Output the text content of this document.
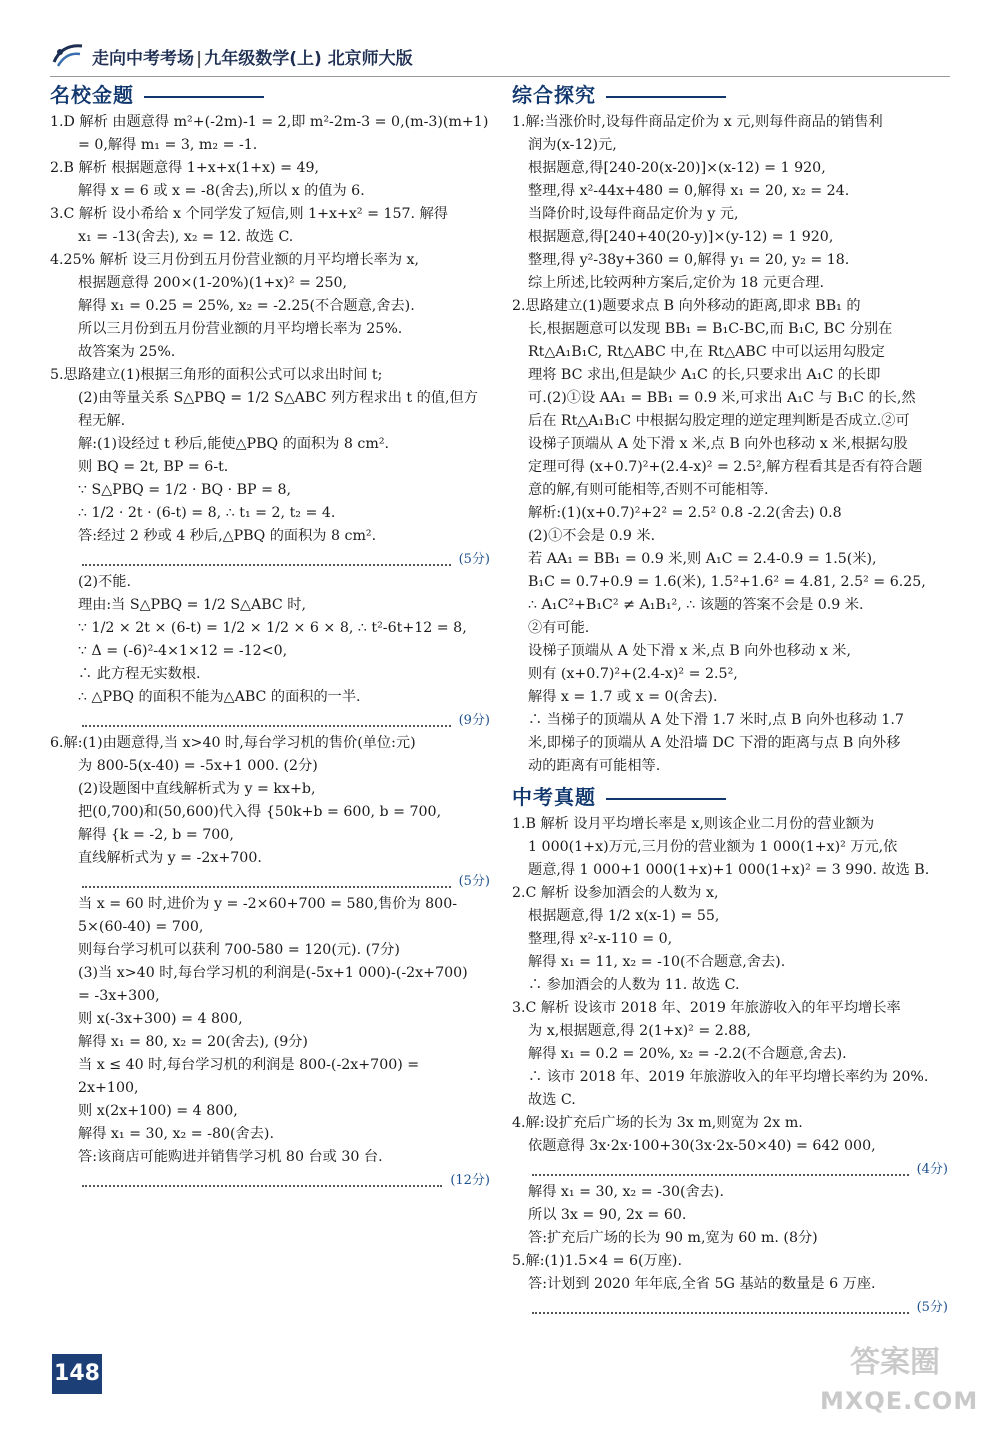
走向中考考场 | 九年级数学(上) 北京师大版
名校金题
1.D 解析 由题意得 m²+(-2m)-1 = 2,即 m²-2m-3 = 0,(m-3)(m+1)
= 0,解得 m₁ = 3, m₂ = -1.
2.B 解析 根据题意得 1+x+x(1+x) = 49,
解得 x = 6 或 x = -8(舍去),所以 x 的值为 6.
3.C 解析 设小希给 x 个同学发了短信,则 1+x+x² = 157. 解得
x₁ = -13(舍去), x₂ = 12. 故选 C.
4.25% 解析 设三月份到五月份营业额的月平均增长率为 x,
根据题意得 200×(1-20%)(1+x)² = 250,
解得 x₁ = 0.25 = 25%, x₂ = -2.25(不合题意,舍去).
所以三月份到五月份营业额的月平均增长率为 25%.
故答案为 25%.
5.思路建立(1)根据三角形的面积公式可以求出时间 t;
(2)由等量关系 S△PBQ = 1/2 S△ABC 列方程求出 t 的值,但方
程无解.
解:(1)设经过 t 秒后,能使△PBQ 的面积为 8 cm².
则 BQ = 2t, BP = 6-t.
∵ S△PBQ = 1/2 · BQ · BP = 8,
∴ 1/2 · 2t · (6-t) = 8, ∴ t₁ = 2, t₂ = 4.
答:经过 2 秒或 4 秒后,△PBQ 的面积为 8 cm².
(5分)
(2)不能.
理由:当 S△PBQ = 1/2 S△ABC 时,
∵ 1/2 × 2t × (6-t) = 1/2 × 1/2 × 6 × 8, ∴ t²-6t+12 = 8,
∵ Δ = (-6)²-4×1×12 = -12<0,
∴ 此方程无实数根.
∴ △PBQ 的面积不能为△ABC 的面积的一半.
(9分)
6.解:(1)由题意得,当 x>40 时,每台学习机的售价(单位:元)
为 800-5(x-40) = -5x+1 000. (2分)
(2)设题图中直线解析式为 y = kx+b,
把(0,700)和(50,600)代入得 {50k+b = 600, b = 700,
解得 {k = -2, b = 700,
直线解析式为 y = -2x+700.
(5分)
当 x = 60 时,进价为 y = -2×60+700 = 580,售价为 800-
5×(60-40) = 700,
则每台学习机可以获利 700-580 = 120(元). (7分)
(3)当 x>40 时,每台学习机的利润是(-5x+1 000)-(-2x+700)
= -3x+300,
则 x(-3x+300) = 4 800,
解得 x₁ = 80, x₂ = 20(舍去), (9分)
当 x ≤ 40 时,每台学习机的利润是 800-(-2x+700) =
2x+100,
则 x(2x+100) = 4 800,
解得 x₁ = 30, x₂ = -80(舍去).
答:该商店可能购进并销售学习机 80 台或 30 台.
(12分)
综合探究
1.解:当涨价时,设每件商品定价为 x 元,则每件商品的销售利
润为(x-12)元,
根据题意,得[240-20(x-20)]×(x-12) = 1 920,
整理,得 x²-44x+480 = 0,解得 x₁ = 20, x₂ = 24.
当降价时,设每件商品定价为 y 元,
根据题意,得[240+40(20-y)]×(y-12) = 1 920,
整理,得 y²-38y+360 = 0,解得 y₁ = 20, y₂ = 18.
综上所述,比较两种方案后,定价为 18 元更合理.
2.思路建立(1)题要求点 B 向外移动的距离,即求 BB₁ 的
长,根据题意可以发现 BB₁ = B₁C-BC,而 B₁C, BC 分别在
Rt△A₁B₁C, Rt△ABC 中,在 Rt△ABC 中可以运用勾股定
理将 BC 求出,但是缺少 A₁C 的长,只要求出 A₁C 的长即
可.(2)①设 AA₁ = BB₁ = 0.9 米,可求出 A₁C 与 B₁C 的长,然
后在 Rt△A₁B₁C 中根据勾股定理的逆定理判断是否成立.②可
设梯子顶端从 A 处下滑 x 米,点 B 向外也移动 x 米,根据勾股
定理可得 (x+0.7)²+(2.4-x)² = 2.5²,解方程看其是否有符合题
意的解,有则可能相等,否则不可能相等.
解析:(1)(x+0.7)²+2² = 2.5² 0.8 -2.2(舍去) 0.8
(2)①不会是 0.9 米.
若 AA₁ = BB₁ = 0.9 米,则 A₁C = 2.4-0.9 = 1.5(米),
B₁C = 0.7+0.9 = 1.6(米), 1.5²+1.6² = 4.81, 2.5² = 6.25,
∴ A₁C²+B₁C² ≠ A₁B₁², ∴ 该题的答案不会是 0.9 米.
②有可能.
设梯子顶端从 A 处下滑 x 米,点 B 向外也移动 x 米,
则有 (x+0.7)²+(2.4-x)² = 2.5²,
解得 x = 1.7 或 x = 0(舍去).
∴ 当梯子的顶端从 A 处下滑 1.7 米时,点 B 向外也移动 1.7
米,即梯子的顶端从 A 处沿墙 DC 下滑的距离与点 B 向外移
动的距离有可能相等.
中考真题
1.B 解析 设月平均增长率是 x,则该企业二月份的营业额为
1 000(1+x)万元,三月份的营业额为 1 000(1+x)² 万元,依
题意,得 1 000+1 000(1+x)+1 000(1+x)² = 3 990. 故选 B.
2.C 解析 设参加酒会的人数为 x,
根据题意,得 1/2 x(x-1) = 55,
整理,得 x²-x-110 = 0,
解得 x₁ = 11, x₂ = -10(不合题意,舍去).
∴ 参加酒会的人数为 11. 故选 C.
3.C 解析 设该市 2018 年、2019 年旅游收入的年平均增长率
为 x,根据题意,得 2(1+x)² = 2.88,
解得 x₁ = 0.2 = 20%, x₂ = -2.2(不合题意,舍去).
∴ 该市 2018 年、2019 年旅游收入的年平均增长率约为 20%.
故选 C.
4.解:设扩充后广场的长为 3x m,则宽为 2x m.
依题意得 3x·2x·100+30(3x·2x-50×40) = 642 000,
(4分)
解得 x₁ = 30, x₂ = -30(舍去).
所以 3x = 90, 2x = 60.
答:扩充后广场的长为 90 m,宽为 60 m. (8分)
5.解:(1)1.5×4 = 6(万座).
答:计划到 2020 年年底,全省 5G 基站的数量是 6 万座.
(5分)
148	答案圈
MXQE.COM
